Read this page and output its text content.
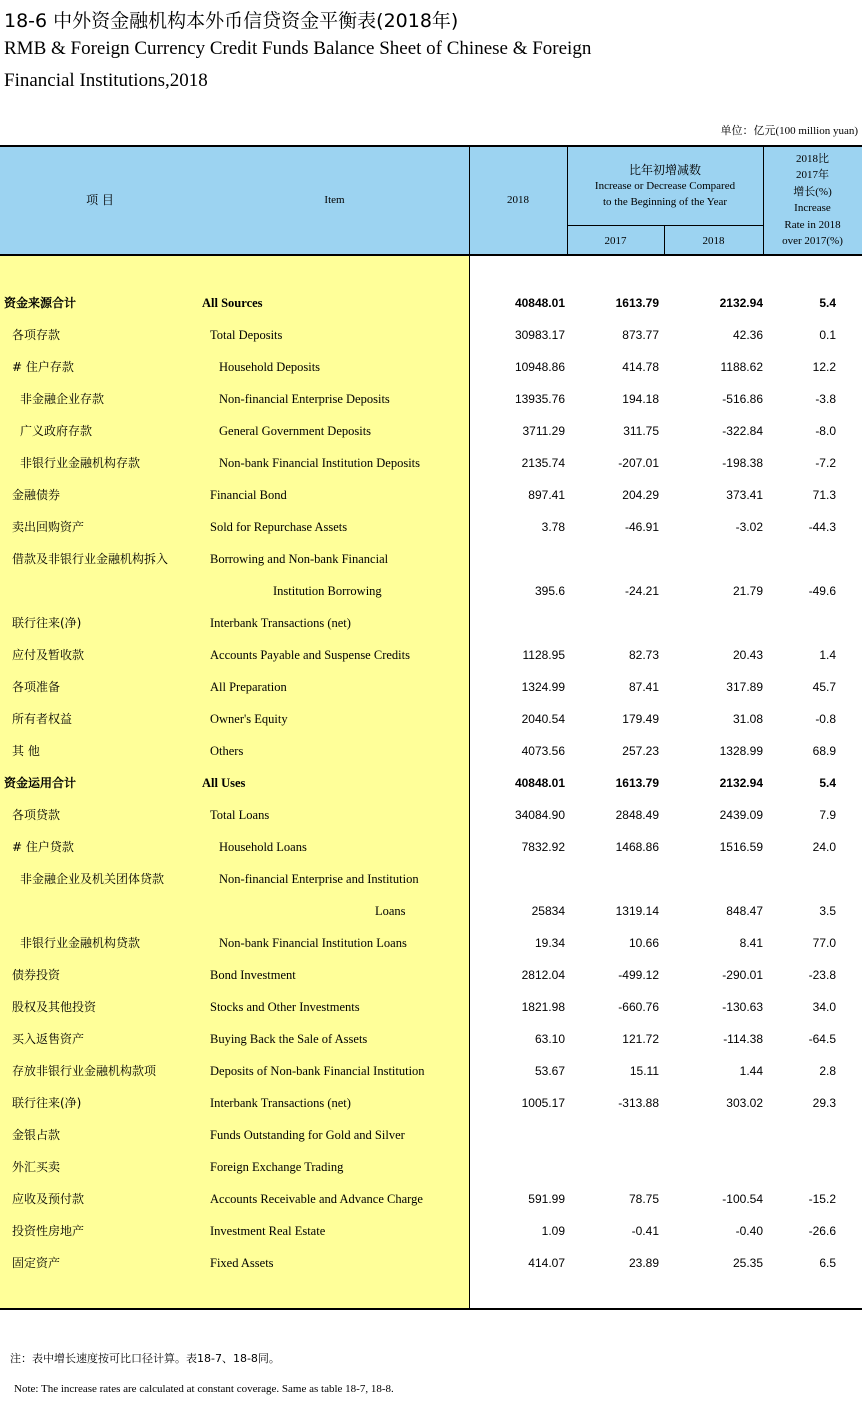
18-6 中外资金融机构本外币信贷资金平衡表(2018年)
RMB & Foreign Currency Credit Funds Balance Sheet of Chinese & Foreign
Financial Institutions,2018
单位：亿元(100 million yuan)
项 目	Item	2018
比年初增减数
Increase or Decrease Compared
to the Beginning of the Year
2017	2018
2018比
2017年
增长(%)
Increase
Rate in 2018
over 2017(%)
资金来源合计	All Sources	40848.01	1613.79	2132.94	5.4
各项存款	Total Deposits	30983.17	873.77	42.36	0.1
# 住户存款	Household Deposits	10948.86	414.78	1188.62	12.2
非金融企业存款	Non-financial Enterprise Deposits	13935.76	194.18	-516.86	-3.8
广义政府存款	General Government Deposits	3711.29	311.75	-322.84	-8.0
非银行业金融机构存款	Non-bank Financial Institution Deposits	2135.74	-207.01	-198.38	-7.2
金融债券	Financial Bond	897.41	204.29	373.41	71.3
卖出回购资产	Sold for Repurchase Assets	3.78	-46.91	-3.02	-44.3
借款及非银行业金融机构拆入	Borrowing and Non-bank Financial
Institution Borrowing	395.6	-24.21	21.79	-49.6
联行往来(净)	Interbank Transactions (net)
应付及暂收款	Accounts Payable and Suspense Credits	1128.95	82.73	20.43	1.4
各项准备	All Preparation	1324.99	87.41	317.89	45.7
所有者权益	Owner's Equity	2040.54	179.49	31.08	-0.8
其 他	Others	4073.56	257.23	1328.99	68.9
资金运用合计	All Uses	40848.01	1613.79	2132.94	5.4
各项贷款	Total Loans	34084.90	2848.49	2439.09	7.9
# 住户贷款	Household Loans	7832.92	1468.86	1516.59	24.0
非金融企业及机关团体贷款	Non-financial Enterprise and Institution
Loans	25834	1319.14	848.47	3.5
非银行业金融机构贷款	Non-bank Financial Institution Loans	19.34	10.66	8.41	77.0
债券投资	Bond Investment	2812.04	-499.12	-290.01	-23.8
股权及其他投资	Stocks and Other Investments	1821.98	-660.76	-130.63	34.0
买入返售资产	Buying Back the Sale of Assets	63.10	121.72	-114.38	-64.5
存放非银行业金融机构款项	Deposits of Non-bank Financial Institution	53.67	15.11	1.44	2.8
联行往来(净)	Interbank Transactions (net)	1005.17	-313.88	303.02	29.3
金银占款	Funds Outstanding for Gold and Silver
外汇买卖	Foreign Exchange Trading
应收及预付款	Accounts Receivable and Advance Charge	591.99	78.75	-100.54	-15.2
投资性房地产	Investment Real Estate	1.09	-0.41	-0.40	-26.6
固定资产	Fixed Assets	414.07	23.89	25.35	6.5
注：表中增长速度按可比口径计算。表18-7、18-8同。
Note: The increase rates are calculated at constant coverage. Same as table 18-7, 18-8.
